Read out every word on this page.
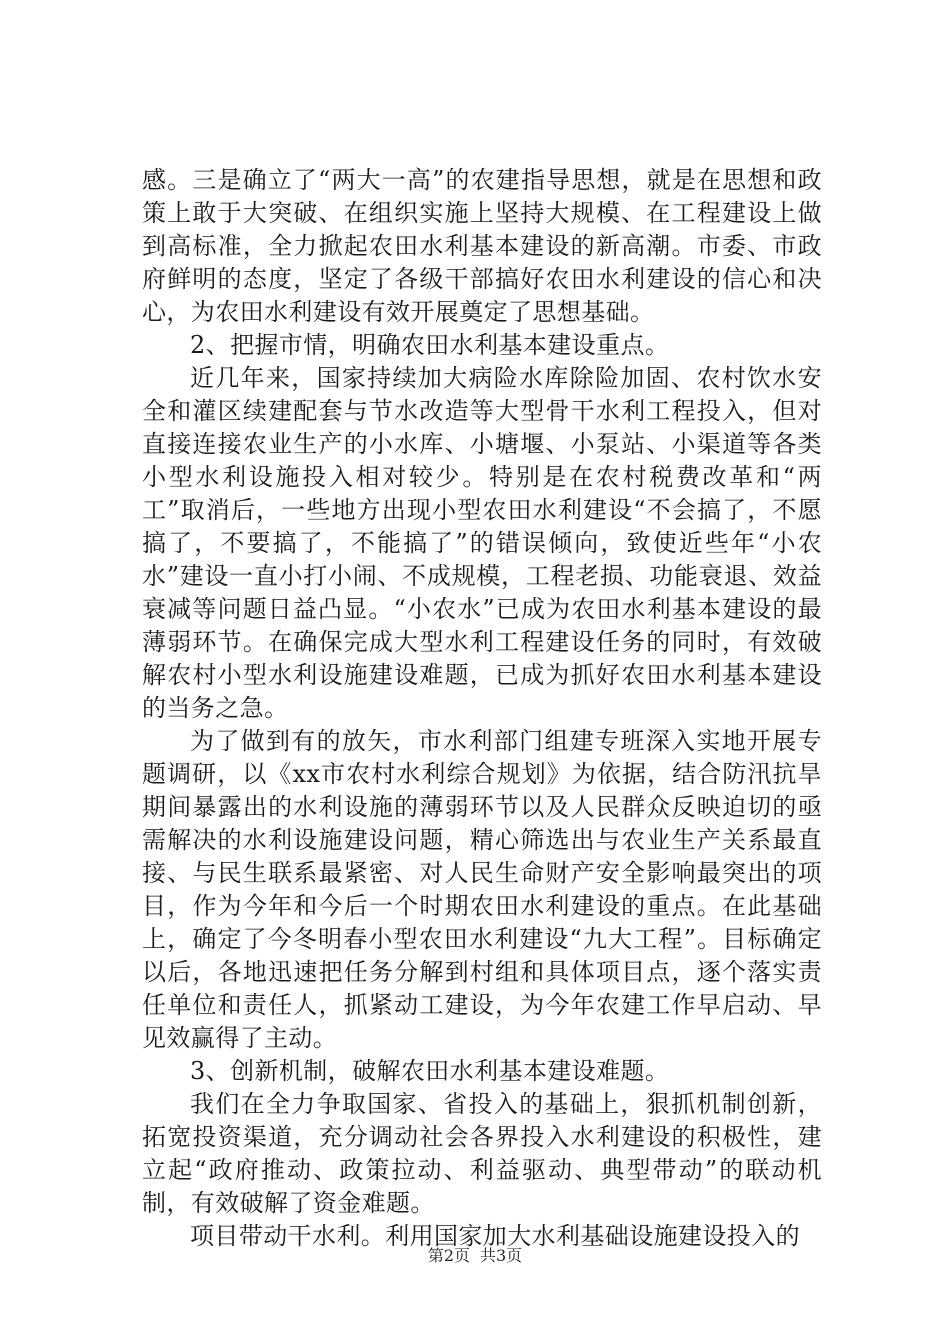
感。三是确立了“两大一高”的农建指导思想，就是在思想和政策上敢于大突破、在组织实施上坚持大规模、在工程建设上做到高标准，全力掀起农田水利基本建设的新高潮。市委、市政府鲜明的态度，坚定了各级干部搞好农田水利建设的信心和决心，为农田水利建设有效开展奠定了思想基础。

2、把握市情，明确农田水利基本建设重点。

近几年来，国家持续加大病险水库除险加固、农村饮水安全和灌区续建配套与节水改造等大型骨干水利工程投入，但对直接连接农业生产的小水库、小塘堰、小泵站、小渠道等各类小型水利设施投入相对较少。特别是在农村税费改革和“两工”取消后，一些地方出现小型农田水利建设“不会搞了，不愿搞了，不要搞了，不能搞了”的错误倾向，致使近些年“小农水”建设一直小打小闹、不成规模，工程老损、功能衰退、效益衰减等问题日益凸显。“小农水”已成为农田水利基本建设的最薄弱环节。在确保完成大型水利工程建设任务的同时，有效破解农村小型水利设施建设难题，已成为抓好农田水利基本建设的当务之急。

为了做到有的放矢，市水利部门组建专班深入实地开展专题调研，以《xx市农村水利综合规划》为依据，结合防汛抗旱期间暴露出的水利设施的薄弱环节以及人民群众反映迫切的亟需解决的水利设施建设问题，精心筛选出与农业生产关系最直接、与民生联系最紧密、对人民生命财产安全影响最突出的项目，作为今年和今后一个时期农田水利建设的重点。在此基础上，确定了今冬明春小型农田水利建设“九大工程”。目标确定以后，各地迅速把任务分解到村组和具体项目点，逐个落实责任单位和责任人，抓紧动工建设，为今年农建工作早启动、早见效赢得了主动。

3、创新机制，破解农田水利基本建设难题。

我们在全力争取国家、省投入的基础上，狠抓机制创新，拓宽投资渠道，充分调动社会各界投入水利建设的积极性，建立起“政府推动、政策拉动、利益驱动、典型带动”的联动机制，有效破解了资金难题。

项目带动干水利。利用国家加大水利基础设施建设投入的

第2页 共3页
